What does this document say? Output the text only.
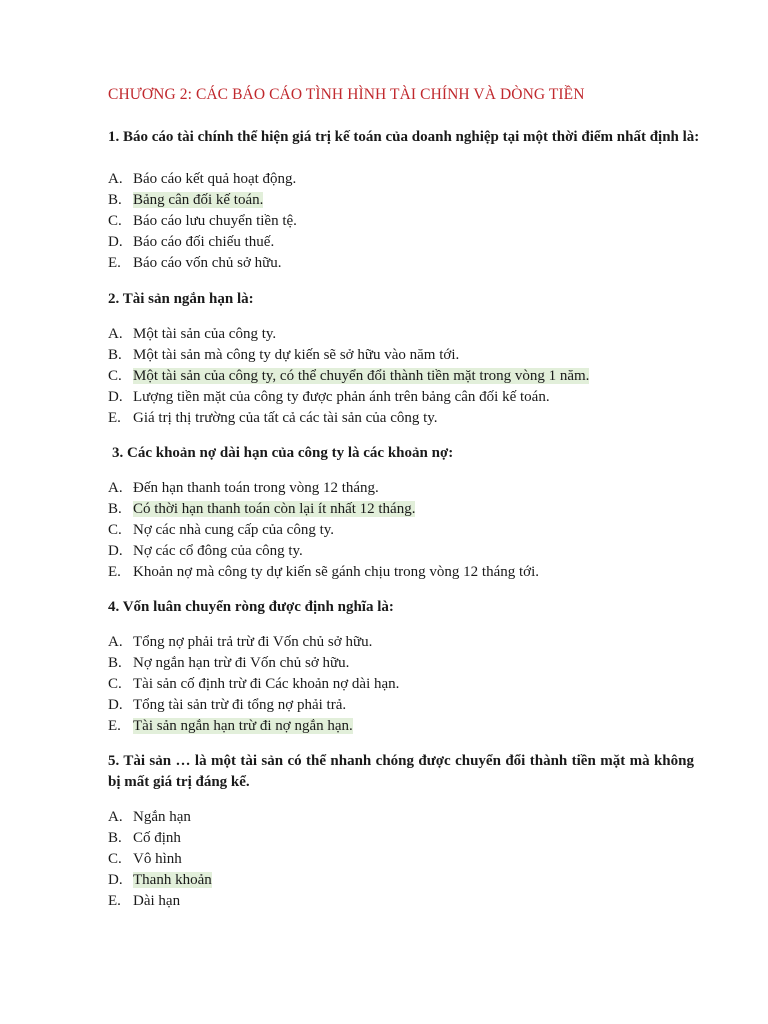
CHƯƠNG 2: CÁC BÁO CÁO TÌNH HÌNH TÀI CHÍNH VÀ DÒNG TIỀN
1. Báo cáo tài chính thể hiện giá trị kế toán của doanh nghiệp tại một thời điểm nhất định là:
A. Báo cáo kết quả hoạt động.
B. Bảng cân đối kế toán.
C. Báo cáo lưu chuyển tiền tệ.
D. Báo cáo đối chiếu thuế.
E. Báo cáo vốn chủ sở hữu.
2. Tài sản ngắn hạn là:
A. Một tài sản của công ty.
B. Một tài sản mà công ty dự kiến sẽ sở hữu vào năm tới.
C. Một tài sản của công ty, có thể chuyển đổi thành tiền mặt trong vòng 1 năm.
D. Lượng tiền mặt của công ty được phản ánh trên bảng cân đối kế toán.
E. Giá trị thị trường của tất cả các tài sản của công ty.
3. Các khoản nợ dài hạn của công ty là các khoản nợ:
A. Đến hạn thanh toán trong vòng 12 tháng.
B. Có thời hạn thanh toán còn lại ít nhất 12 tháng.
C. Nợ các nhà cung cấp của công ty.
D. Nợ các cổ đông của công ty.
E. Khoản nợ mà công ty dự kiến sẽ gánh chịu trong vòng 12 tháng tới.
4. Vốn luân chuyển ròng được định nghĩa là:
A. Tổng nợ phải trả trừ đi Vốn chủ sở hữu.
B. Nợ ngắn hạn trừ đi Vốn chủ sở hữu.
C. Tài sản cố định trừ đi Các khoản nợ dài hạn.
D. Tổng tài sản trừ đi tổng nợ phải trả.
E. Tài sản ngắn hạn trừ đi nợ ngắn hạn.
5. Tài sản … là một tài sản có thể nhanh chóng được chuyển đổi thành tiền mặt mà không bị mất giá trị đáng kể.
A. Ngắn hạn
B. Cố định
C. Vô hình
D. Thanh khoản
E. Dài hạn
